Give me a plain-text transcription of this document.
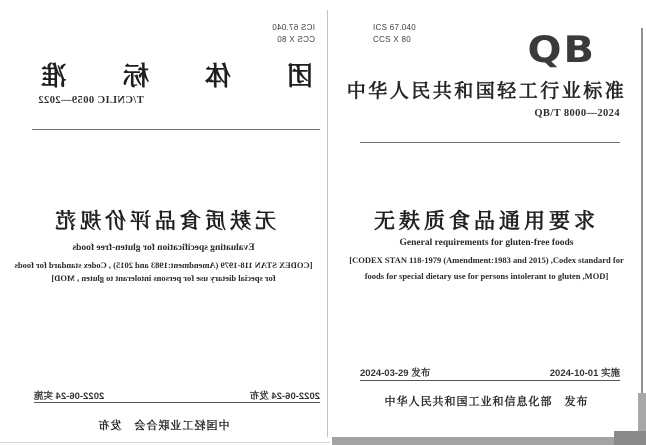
ICS 67.040
CCS X 80
团
体
标
准
T/CNLIC 0059—2022
无麸质食品评价规范
Evaluating specification for gluten-free foods
[CODEX STAN 118-1979 (Amendment:1983 and 2015) , Codex standard for foods
for special dietary use for persons intolerant to gluten , MOD]
2022-06-24 发布
2022-06-24 实施
中国轻工业联合会　发布
ICS 67.040
CCS X 80	QB
中华人民共和国轻工行业标准
QB/T 8000—2024
无麸质食品通用要求
General requirements for gluten-free foods
[CODEX STAN 118-1979 (Amendment:1983 and 2015) ,Codex standard for
foods for special dietary use for persons intolerant to gluten ,MOD]
2024-03-29 发布	2024-10-01 实施
中华人民共和国工业和信息化部　发布
